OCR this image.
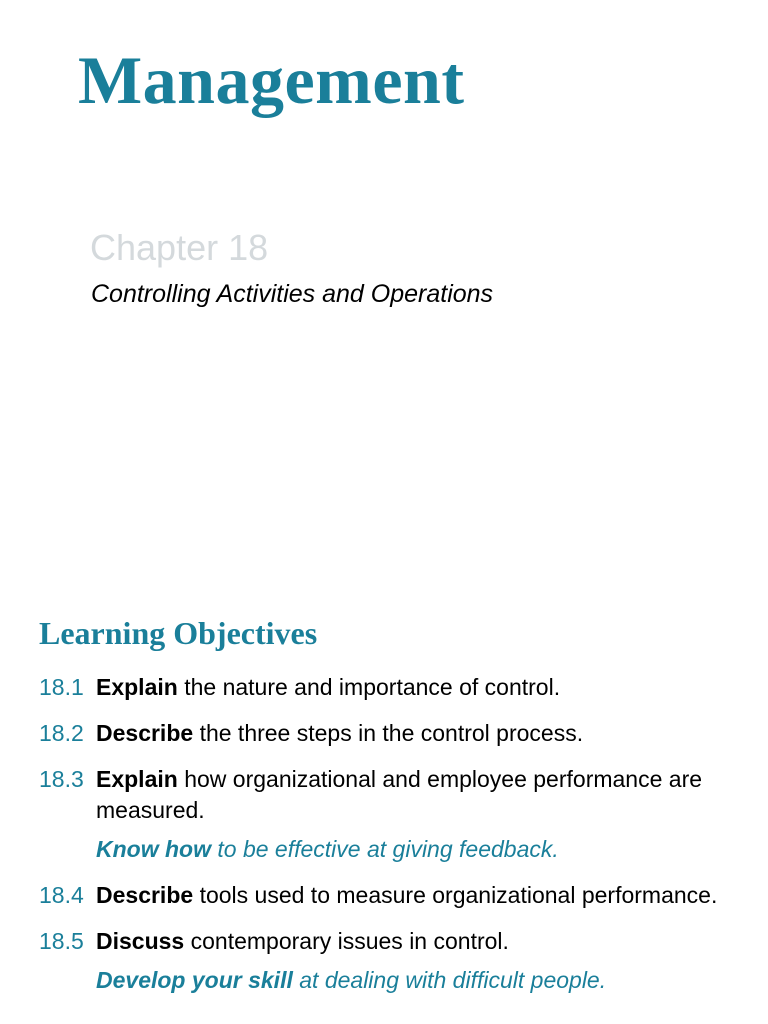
Management
Chapter 18
Controlling Activities and Operations
Learning Objectives
18.1 Explain the nature and importance of control.
18.2 Describe the three steps in the control process.
18.3 Explain how organizational and employee performance are measured.
Know how to be effective at giving feedback.
18.4 Describe tools used to measure organizational performance.
18.5 Discuss contemporary issues in control.
Develop your skill at dealing with difficult people.
